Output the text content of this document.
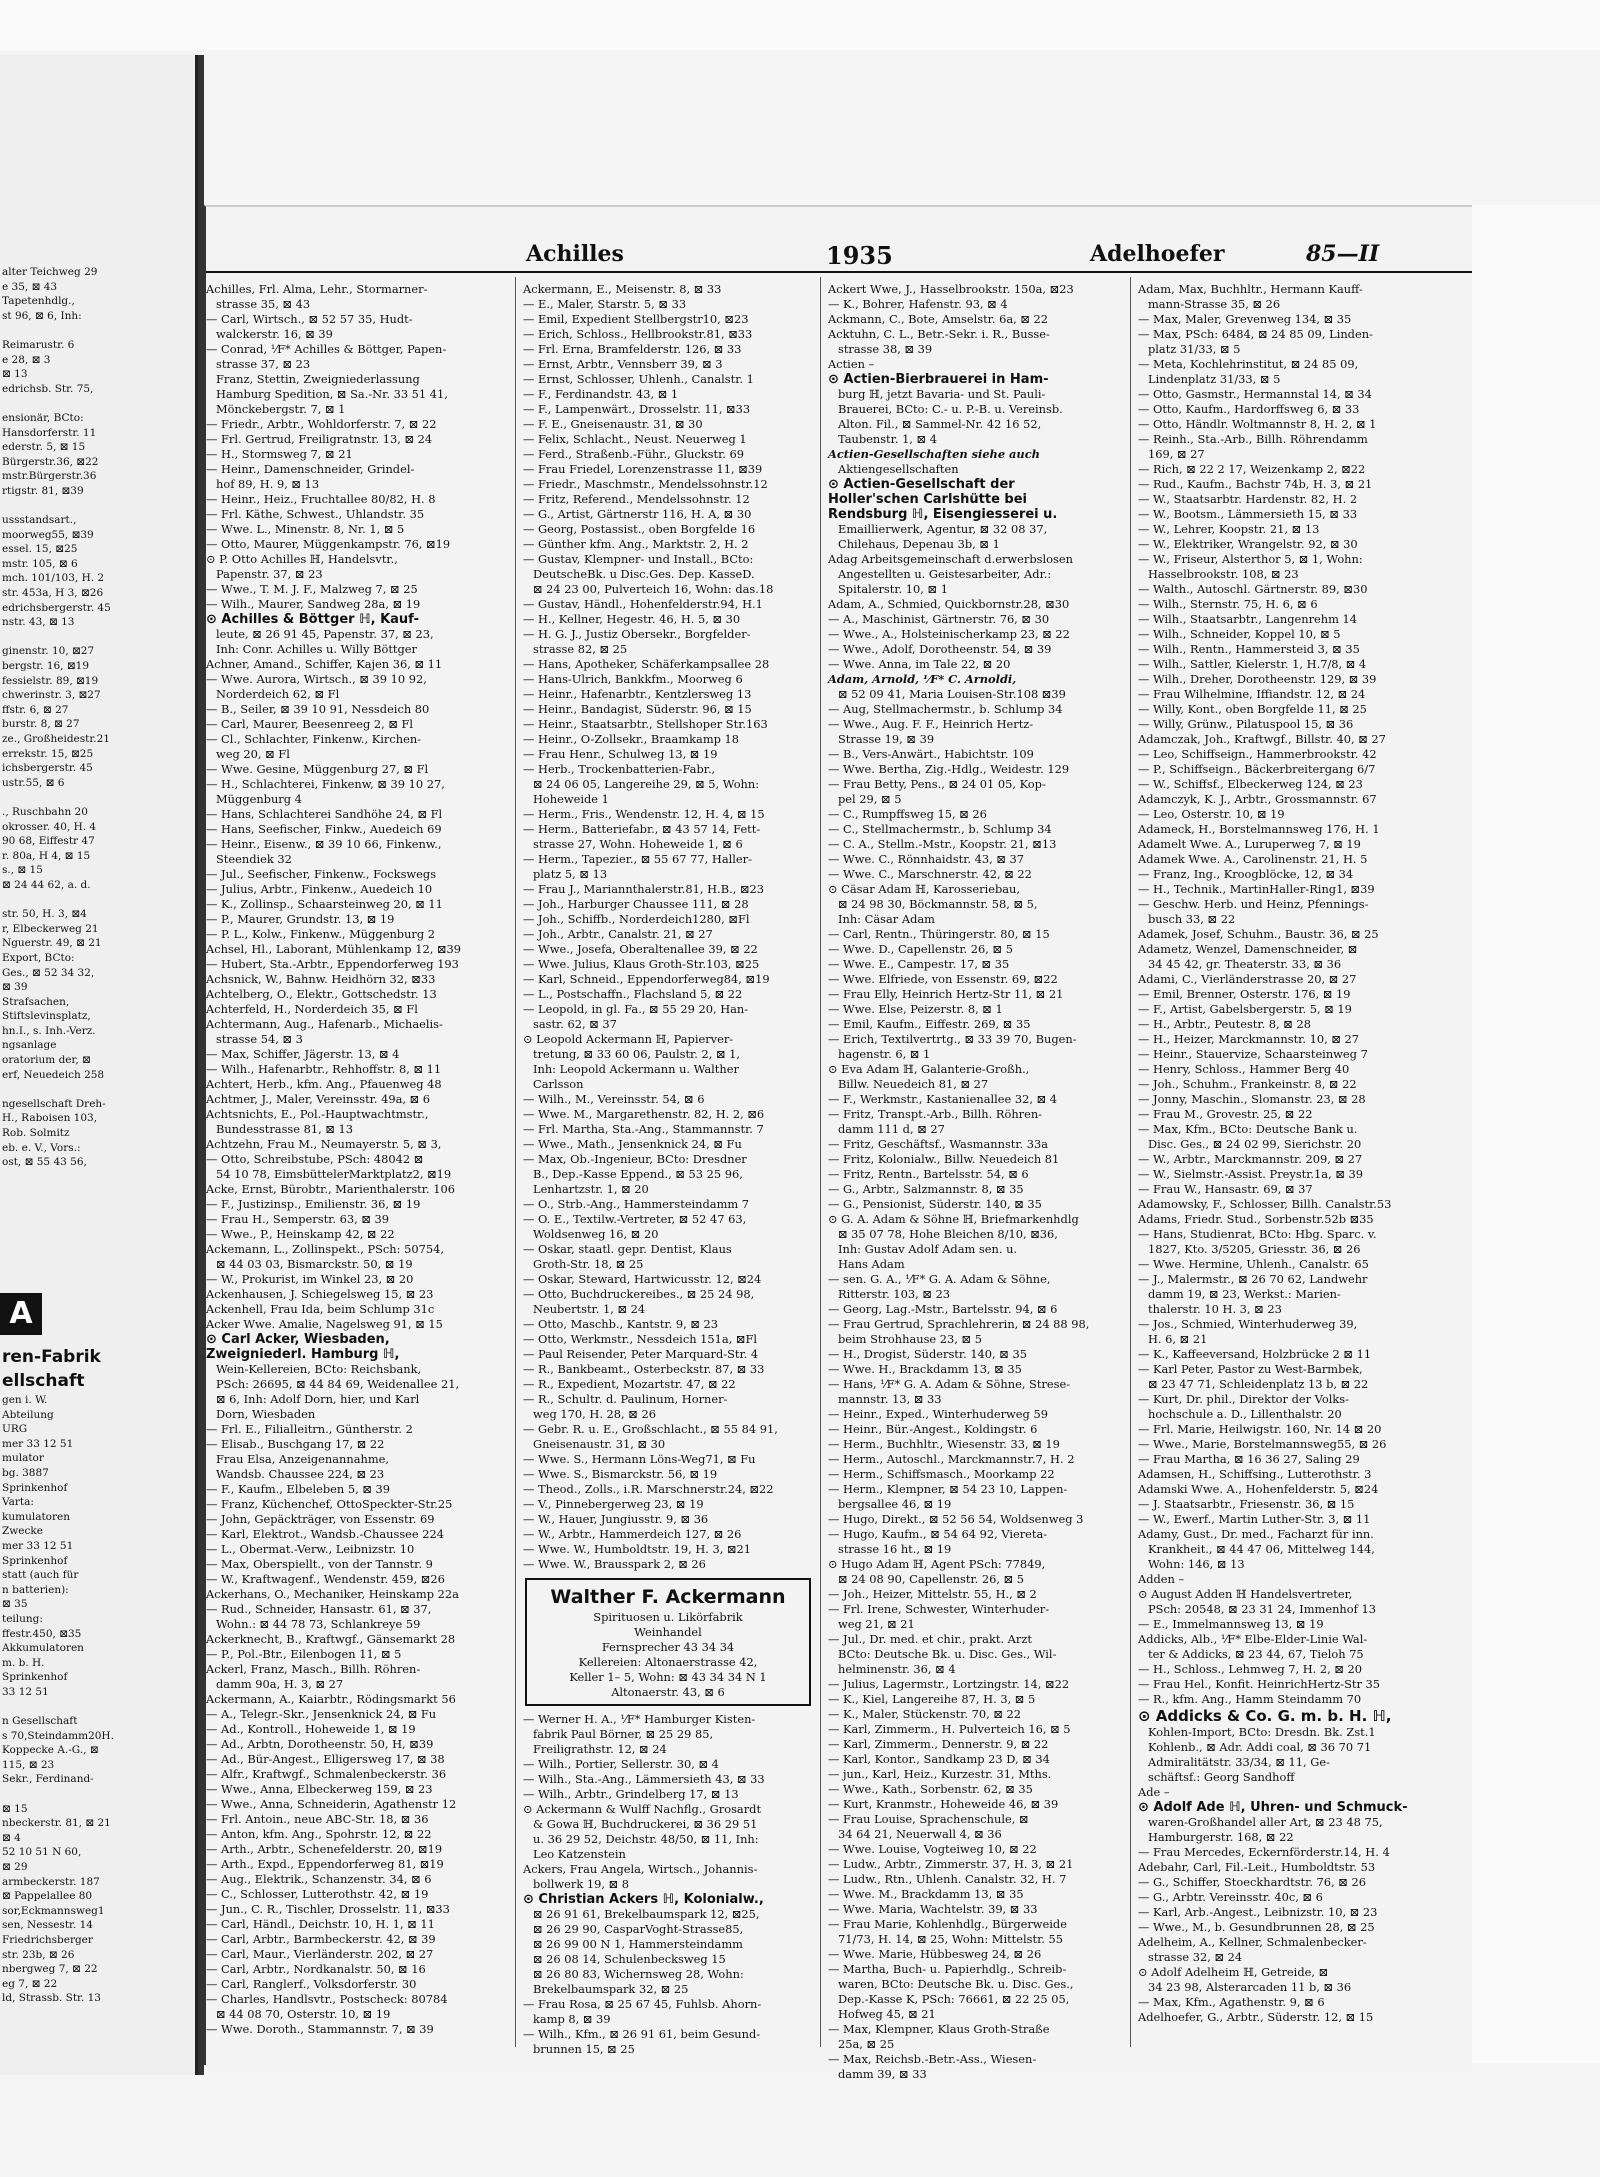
alter Teichweg 29
e 35, ⊠ 43
Tapetenhdlg.,
st 96, ⊠ 6, Inh:

Reimarustr. 6
e 28, ⊠ 3
⊠ 13
edrichsb. Str. 75,

ensionär, BCto:
Hansdorferstr. 11
ederstr. 5, ⊠ 15
Bürgerstr.36, ⊠22
mstr.Bürgerstr.36
rtigstr. 81, ⊠39

ussstandsart.,
moorweg55, ⊠39
essel. 15, ⊠25
mstr. 105, ⊠ 6
mch. 101/103, H. 2
str. 453a, H 3, ⊠26
edrichsbergerstr. 45
nstr. 43, ⊠ 13

ginenstr. 10, ⊠27
bergstr. 16, ⊠19
fessielstr. 89, ⊠19
chwerinstr. 3, ⊠27
ffstr. 6, ⊠ 27
burstr. 8, ⊠ 27
ze., Großheidestr.21
errekstr. 15, ⊠25
ichsbergerstr. 45
ustr.55, ⊠ 6

., Ruschbahn 20
okrosser. 40, H. 4
90 68, Eiffestr 47
r. 80a, H 4, ⊠ 15
s., ⊠ 15
⊠ 24 44 62, a. d.

str. 50, H. 3, ⊠4
r, Elbeckerweg 21
Nguerstr. 49, ⊠ 21
Export, BCto:
Ges., ⊠ 52 34 32,
⊠ 39
Strafsachen,
Stiftslevinsplatz,
hn.I., s. Inh.-Verz.
ngsanlage
oratorium der, ⊠
erf, Neuedeich 258

ngesellschaft Dreh-
H., Raboisen 103,
Rob. Solmitz
eb. e. V., Vors.:
ost, ⊠ 55 43 56,
A
ren-Fabrik
ellschaft
gen i. W.
Abteilung
URG
mer 33 12 51
mulator
bg. 3887
Sprinkenhof
Varta:
kumulatoren
Zwecke
mer 33 12 51
Sprinkenhof
statt (auch für
n batterien):
⊠ 35
teilung:
ffestr.450, ⊠35
Akkumulatoren
m. b. H.
Sprinkenhof
33 12 51

n Gesellschaft
s 70,Steindamm20H.
Koppecke A.-G., ⊠
115, ⊠ 23
Sekr., Ferdinand-

⊠ 15
nbeckerstr. 81, ⊠ 21
⊠ 4
52 10 51 N 60,
⊠ 29
armbeckerstr. 187
⊠ Pappelallee 80
sor,Eckmannsweg1
sen, Nessestr. 14
Friedrichsberger
str. 23b, ⊠ 26
nbergweg 7, ⊠ 22
eg 7, ⊠ 22
ld, Strassb. Str. 13
Achilles	1935	Adelhoefer	85—II
Achilles, Frl. Alma, Lehr., Stormarner-
strasse 35, ⊠ 43
— Carl, Wirtsch., ⊠ 52 57 35, Hudt-
walckerstr. 16, ⊠ 39
— Conrad, ⅟F* Achilles & Böttger, Papen-
strasse 37, ⊠ 23
Franz, Stettin, Zweigniederlassung
Hamburg Spedition, ⊠ Sa.-Nr. 33 51 41,
Mönckebergstr. 7, ⊠ 1
— Friedr., Arbtr., Wohldorferstr. 7, ⊠ 22
— Frl. Gertrud, Freiligratnstr. 13, ⊠ 24
— H., Stormsweg 7, ⊠ 21
— Heinr., Damenschneider, Grindel-
hof 89, H. 9, ⊠ 13
— Heinr., Heiz., Fruchtallee 80/82, H. 8
— Frl. Käthe, Schwest., Uhlandstr. 35
— Wwe. L., Minenstr. 8, Nr. 1, ⊠ 5
— Otto, Maurer, Müggenkampstr. 76, ⊠19
⊙ P. Otto Achilles ℍ, Handelsvtr.,
Papenstr. 37, ⊠ 23
— Wwe., T. M. J. F., Malzweg 7, ⊠ 25
— Wilh., Maurer, Sandweg 28a, ⊠ 19
⊙ Achilles & Böttger ℍ, Kauf-
leute, ⊠ 26 91 45, Papenstr. 37, ⊠ 23,
Inh: Conr. Achilles u. Willy Böttger
Achner, Amand., Schiffer, Kajen 36, ⊠ 11
— Wwe. Aurora, Wirtsch., ⊠ 39 10 92,
Norderdeich 62, ⊠ Fl
— B., Seiler, ⊠ 39 10 91, Nessdeich 80
— Carl, Maurer, Beesenreeg 2, ⊠ Fl
— Cl., Schlachter, Finkenw., Kirchen-
weg 20, ⊠ Fl
— Wwe. Gesine, Müggenburg 27, ⊠ Fl
— H., Schlachterei, Finkenw, ⊠ 39 10 27,
Müggenburg 4
— Hans, Schlachterei Sandhöhe 24, ⊠ Fl
— Hans, Seefischer, Finkw., Auedeich 69
— Heinr., Eisenw., ⊠ 39 10 66, Finkenw.,
Steendiek 32
— Jul., Seefischer, Finkenw., Fockswegs
— Julius, Arbtr., Finkenw., Auedeich 10
— K., Zollinsp., Schaarsteinweg 20, ⊠ 11
— P., Maurer, Grundstr. 13, ⊠ 19
— P. L., Kolw., Finkenw., Müggenburg 2
Achsel, Hl., Laborant, Mühlenkamp 12, ⊠39
— Hubert, Sta.-Arbtr., Eppendorferweg 193
Achsnick, W., Bahnw. Heidhörn 32, ⊠33
Achtelberg, O., Elektr., Gottschedstr. 13
Achterfeld, H., Norderdeich 35, ⊠ Fl
Achtermann, Aug., Hafenarb., Michaelis-
strasse 54, ⊠ 3
— Max, Schiffer, Jägerstr. 13, ⊠ 4
— Wilh., Hafenarbtr., Rehhoffstr. 8, ⊠ 11
Achtert, Herb., kfm. Ang., Pfauenweg 48
Achtmer, J., Maler, Vereinsstr. 49a, ⊠ 6
Achtsnichts, E., Pol.-Hauptwachtmstr.,
Bundesstrasse 81, ⊠ 13
Achtzehn, Frau M., Neumayerstr. 5, ⊠ 3,
— Otto, Schreibstube, PSch: 48042 ⊠
54 10 78, EimsbüttelerMarktplatz2, ⊠19
Acke, Ernst, Bürobtr., Marienthalerstr. 106
— F., Justizinsp., Emilienstr. 36, ⊠ 19
— Frau H., Semperstr. 63, ⊠ 39
— Wwe., P., Heinskamp 42, ⊠ 22
Ackemann, L., Zollinspekt., PSch: 50754,
⊠ 44 03 03, Bismarckstr. 50, ⊠ 19
— W., Prokurist, im Winkel 23, ⊠ 20
Ackenhausen, J. Schiegelsweg 15, ⊠ 23
Ackenhell, Frau Ida, beim Schlump 31c
Acker Wwe. Amalie, Nagelsweg 91, ⊠ 15
⊙ Carl Acker, Wiesbaden,
Zweigniederl. Hamburg ℍ,
Wein-Kellereien, BCto: Reichsbank,
PSch: 26695, ⊠ 44 84 69, Weidenallee 21,
⊠ 6, Inh: Adolf Dorn, hier, und Karl
Dorn, Wiesbaden
— Frl. E., Filialleitrn., Güntherstr. 2
— Elisab., Buschgang 17, ⊠ 22
Frau Elsa, Anzeigenannahme,
Wandsb. Chaussee 224, ⊠ 23
— F., Kaufm., Elbeleben 5, ⊠ 39
— Franz, Küchenchef, OttoSpeckter-Str.25
— John, Gepäckträger, von Essenstr. 69
— Karl, Elektrot., Wandsb.-Chaussee 224
— L., Obermat.-Verw., Leibnizstr. 10
— Max, Oberspiellt., von der Tannstr. 9
— W., Kraftwagenf., Wendenstr. 459, ⊠26
Ackerhans, O., Mechaniker, Heinskamp 22a
— Rud., Schneider, Hansastr. 61, ⊠ 37,
Wohn.: ⊠ 44 78 73, Schlankreye 59
Ackerknecht, B., Kraftwgf., Gänsemarkt 28
— P., Pol.-Btr., Eilenbogen 11, ⊠ 5
Ackerl, Franz, Masch., Billh. Röhren-
damm 90a, H. 3, ⊠ 27
Ackermann, A., Kaiarbtr., Rödingsmarkt 56
— A., Telegr.-Skr., Jensenknick 24, ⊠ Fu
— Ad., Kontroll., Hoheweide 1, ⊠ 19
— Ad., Arbtn, Dorotheenstr. 50, H, ⊠39
— Ad., Bür-Angest., Elligersweg 17, ⊠ 38
— Alfr., Kraftwgf., Schmalenbeckerstr. 36
— Wwe., Anna, Elbeckerweg 159, ⊠ 23
— Wwe., Anna, Schneiderin, Agathenstr 12
— Frl. Antoin., neue ABC-Str. 18, ⊠ 36
— Anton, kfm. Ang., Spohrstr. 12, ⊠ 22
— Arth., Arbtr., Schenefelderstr. 20, ⊠19
— Arth., Expd., Eppendorferweg 81, ⊠19
— Aug., Elektrik., Schanzenstr. 34, ⊠ 6
— C., Schlosser, Lutterothstr. 42, ⊠ 19
— Jun., C. R., Tischler, Drosselstr. 11, ⊠33
— Carl, Händl., Deichstr. 10, H. 1, ⊠ 11
— Carl, Arbtr., Barmbeckerstr. 42, ⊠ 39
— Carl, Maur., Vierländerstr. 202, ⊠ 27
— Carl, Arbtr., Nordkanalstr. 50, ⊠ 16
— Carl, Ranglerf., Volksdorferstr. 30
— Charles, Handlsvtr., Postscheck: 80784
⊠ 44 08 70, Osterstr. 10, ⊠ 19
— Wwe. Doroth., Stammannstr. 7, ⊠ 39
Ackermann, E., Meisenstr. 8, ⊠ 33
— E., Maler, Starstr. 5, ⊠ 33
— Emil, Expedient Stellbergstr10, ⊠23
— Erich, Schloss., Hellbrookstr.81, ⊠33
— Frl. Erna, Bramfelderstr. 126, ⊠ 33
— Ernst, Arbtr., Vennsberr 39, ⊠ 3
— Ernst, Schlosser, Uhlenh., Canalstr. 1
— F., Ferdinandstr. 43, ⊠ 1
— F., Lampenwärt., Drosselstr. 11, ⊠33
— F. E., Gneisenaustr. 31, ⊠ 30
— Felix, Schlacht., Neust. Neuerweg 1
— Ferd., Straßenb.-Führ., Gluckstr. 69
— Frau Friedel, Lorenzenstrasse 11, ⊠39
— Friedr., Maschmstr., Mendelssohnstr.12
— Fritz, Referend., Mendelssohnstr. 12
— G., Artist, Gärtnerstr 116, H. A, ⊠ 30
— Georg, Postassist., oben Borgfelde 16
— Günther kfm. Ang., Marktstr. 2, H. 2
— Gustav, Klempner- und Install., BCto:
DeutscheBk. u Disc.Ges. Dep. KasseD.
⊠ 24 23 00, Pulverteich 16, Wohn: das.18
— Gustav, Händl., Hohenfelderstr.94, H.1
— H., Kellner, Hegestr. 46, H. 5, ⊠ 30
— H. G. J., Justiz Obersekr., Borgfelder-
strasse 82, ⊠ 25
— Hans, Apotheker, Schäferkampsallee 28
— Hans-Ulrich, Bankkfm., Moorweg 6
— Heinr., Hafenarbtr., Kentzlersweg 13
— Heinr., Bandagist, Süderstr. 96, ⊠ 15
— Heinr., Staatsarbtr., Stellshoper Str.163
— Heinr., O-Zollsekr., Braamkamp 18
— Frau Henr., Schulweg 13, ⊠ 19
— Herb., Trockenbatterien-Fabr.,
⊠ 24 06 05, Langereihe 29, ⊠ 5, Wohn:
Hoheweide 1
— Herm., Fris., Wendenstr. 12, H. 4, ⊠ 15
— Herm., Batteriefabr., ⊠ 43 57 14, Fett-
strasse 27, Wohn. Hoheweide 1, ⊠ 6
— Herm., Tapezier., ⊠ 55 67 77, Haller-
platz 5, ⊠ 13
— Frau J., Mariannthalerstr.81, H.B., ⊠23
— Joh., Harburger Chaussee 111, ⊠ 28
— Joh., Schiffb., Norderdeich1280, ⊠Fl
— Joh., Arbtr., Canalstr. 21, ⊠ 27
— Wwe., Josefa, Oberaltenallee 39, ⊠ 22
— Wwe. Julius, Klaus Groth-Str.103, ⊠25
— Karl, Schneid., Eppendorferweg84, ⊠19
— L., Postschaffn., Flachsland 5, ⊠ 22
— Leopold, in gl. Fa., ⊠ 55 29 20, Han-
sastr. 62, ⊠ 37
⊙ Leopold Ackermann ℍ, Papierver-
tretung, ⊠ 33 60 06, Paulstr. 2, ⊠ 1,
Inh: Leopold Ackermann u. Walther
Carlsson
— Wilh., M., Vereinsstr. 54, ⊠ 6
— Wwe. M., Margarethenstr. 82, H. 2, ⊠6
— Frl. Martha, Sta.-Ang., Stammannstr. 7
— Wwe., Math., Jensenknick 24, ⊠ Fu
— Max, Ob.-Ingenieur, BCto: Dresdner
B., Dep.-Kasse Eppend., ⊠ 53 25 96,
Lenhartzstr. 1, ⊠ 20
— O., Strb.-Ang., Hammersteindamm 7
— O. E., Textilw.-Vertreter, ⊠ 52 47 63,
Woldsenweg 16, ⊠ 20
— Oskar, staatl. gepr. Dentist, Klaus
Groth-Str. 18, ⊠ 25
— Oskar, Steward, Hartwicusstr. 12, ⊠24
— Otto, Buchdruckereibes., ⊠ 25 24 98,
Neubertstr. 1, ⊠ 24
— Otto, Maschb., Kantstr. 9, ⊠ 23
— Otto, Werkmstr., Nessdeich 151a, ⊠Fl
— Paul Reisender, Peter Marquard-Str. 4
— R., Bankbeamt., Osterbeckstr. 87, ⊠ 33
— R., Expedient, Mozartstr. 47, ⊠ 22
— R., Schultr. d. Paulinum, Horner-
weg 170, H. 28, ⊠ 26
— Gebr. R. u. E., Großschlacht., ⊠ 55 84 91,
Gneisenaustr. 31, ⊠ 30
— Wwe. S., Hermann Löns-Weg71, ⊠ Fu
— Wwe. S., Bismarckstr. 56, ⊠ 19
— Theod., Zolls., i.R. Marschnerstr.24, ⊠22
— V., Pinnebergerweg 23, ⊠ 19
— W., Hauer, Jungiusstr. 9, ⊠ 36
— W., Arbtr., Hammerdeich 127, ⊠ 26
— Wwe. W., Humboldtstr. 19, H. 3, ⊠21
— Wwe. W., Brausspark 2, ⊠ 26
Walther F. Ackermann
Spirituosen u. Likörfabrik
Weinhandel
Fernsprecher 43 34 34
Kellereien: Altonaerstrasse 42,
Keller 1– 5, Wohn: ⊠ 43 34 34 N 1
Altonaerstr. 43, ⊠ 6
— Werner H. A., ⅟F* Hamburger Kisten-
fabrik Paul Börner, ⊠ 25 29 85,
Freiligrathstr. 12, ⊠ 24
— Wilh., Portier, Sellerstr. 30, ⊠ 4
— Wilh., Sta.-Ang., Lämmersieth 43, ⊠ 33
— Wilh., Arbtr., Grindelberg 17, ⊠ 13
⊙ Ackermann & Wulff Nachflg., Grosardt
& Gowa ℍ, Buchdruckerei, ⊠ 36 29 51
u. 36 29 52, Deichstr. 48/50, ⊠ 11, Inh:
Leo Katzenstein
Ackers, Frau Angela, Wirtsch., Johannis-
bollwerk 19, ⊠ 8
⊙ Christian Ackers ℍ, Kolonialw.,
⊠ 26 91 61, Brekelbaumspark 12, ⊠25,
⊠ 26 29 90, CasparVoght-Strasse85,
⊠ 26 99 00 N 1, Hammersteindamm
⊠ 26 08 14, Schulenbecksweg 15
⊠ 26 80 83, Wichernsweg 28, Wohn:
Brekelbaumspark 32, ⊠ 25
— Frau Rosa, ⊠ 25 67 45, Fuhlsb. Ahorn-
kamp 8, ⊠ 39
— Wilh., Kfm., ⊠ 26 91 61, beim Gesund-
brunnen 15, ⊠ 25
Ackert Wwe, J., Hasselbrookstr. 150a, ⊠23
— K., Bohrer, Hafenstr. 93, ⊠ 4
Ackmann, C., Bote, Amselstr. 6a, ⊠ 22
Acktuhn, C. L., Betr.-Sekr. i. R., Busse-
strasse 38, ⊠ 39
Actien –
⊙ Actien-Bierbrauerei in Ham-
burg ℍ, jetzt Bavaria- und St. Pauli-
Brauerei, BCto: C.- u. P.-B. u. Vereinsb.
Alton. Fil., ⊠ Sammel-Nr. 42 16 52,
Taubenstr. 1, ⊠ 4
Actien-Gesellschaften siehe auch
Aktiengesellschaften
⊙ Actien-Gesellschaft der
Holler'schen Carlshütte bei
Rendsburg ℍ, Eisengiesserei u.
Emaillierwerk, Agentur, ⊠ 32 08 37,
Chilehaus, Depenau 3b, ⊠ 1
Adag Arbeitsgemeinschaft d.erwerbslosen
Angestellten u. Geistesarbeiter, Adr.:
Spitalerstr. 10, ⊠ 1
Adam, A., Schmied, Quickbornstr.28, ⊠30
— A., Maschinist, Gärtnerstr. 76, ⊠ 30
— Wwe., A., Holsteinischerkamp 23, ⊠ 22
— Wwe., Adolf, Dorotheenstr. 54, ⊠ 39
— Wwe. Anna, im Tale 22, ⊠ 20
Adam, Arnold, ⅟F* C. Arnoldi,
⊠ 52 09 41, Maria Louisen-Str.108 ⊠39
— Aug, Stellmachermstr., b. Schlump 34
— Wwe., Aug. F. F., Heinrich Hertz-
Strasse 19, ⊠ 39
— B., Vers-Anwärt., Habichtstr. 109
— Wwe. Bertha, Zig.-Hdlg., Weidestr. 129
— Frau Betty, Pens., ⊠ 24 01 05, Kop-
pel 29, ⊠ 5
— C., Rumpffsweg 15, ⊠ 26
— C., Stellmachermstr., b. Schlump 34
— C. A., Stellm.-Mstr., Koopstr. 21, ⊠13
— Wwe. C., Rönnhaidstr. 43, ⊠ 37
— Wwe. C., Marschnerstr. 42, ⊠ 22
⊙ Cäsar Adam ℍ, Karosseriebau,
⊠ 24 98 30, Böckmannstr. 58, ⊠ 5,
Inh: Cäsar Adam
— Carl, Rentn., Thüringerstr. 80, ⊠ 15
— Wwe. D., Capellenstr. 26, ⊠ 5
— Wwe. E., Campestr. 17, ⊠ 35
— Wwe. Elfriede, von Essenstr. 69, ⊠22
— Frau Elly, Heinrich Hertz-Str 11, ⊠ 21
— Wwe. Else, Peizerstr. 8, ⊠ 1
— Emil, Kaufm., Eiffestr. 269, ⊠ 35
— Erich, Textilvertrtg., ⊠ 33 39 70, Bugen-
hagenstr. 6, ⊠ 1
⊙ Eva Adam ℍ, Galanterie-Großh.,
Billw. Neuedeich 81, ⊠ 27
— F., Werkmstr., Kastanienallee 32, ⊠ 4
— Fritz, Transpt.-Arb., Billh. Röhren-
damm 111 d, ⊠ 27
— Fritz, Geschäftsf., Wasmannstr. 33a
— Fritz, Kolonialw., Billw. Neuedeich 81
— Fritz, Rentn., Bartelsstr. 54, ⊠ 6
— G., Arbtr., Salzmannstr. 8, ⊠ 35
— G., Pensionist, Süderstr. 140, ⊠ 35
⊙ G. A. Adam & Söhne ℍ, Briefmarkenhdlg
⊠ 35 07 78, Hohe Bleichen 8/10, ⊠36,
Inh: Gustav Adolf Adam sen. u.
Hans Adam
— sen. G. A., ⅟F* G. A. Adam & Söhne,
Ritterstr. 103, ⊠ 23
— Georg, Lag.-Mstr., Bartelsstr. 94, ⊠ 6
— Frau Gertrud, Sprachlehrerin, ⊠ 24 88 98,
beim Strohhause 23, ⊠ 5
— H., Drogist, Süderstr. 140, ⊠ 35
— Wwe. H., Brackdamm 13, ⊠ 35
— Hans, ⅟F* G. A. Adam & Söhne, Strese-
mannstr. 13, ⊠ 33
— Heinr., Exped., Winterhuderweg 59
— Heinr., Bür.-Angest., Koldingstr. 6
— Herm., Buchhltr., Wiesenstr. 33, ⊠ 19
— Herm., Autoschl., Marckmannstr.7, H. 2
— Herm., Schiffsmasch., Moorkamp 22
— Herm., Klempner, ⊠ 54 23 10, Lappen-
bergsallee 46, ⊠ 19
— Hugo, Direkt., ⊠ 52 56 54, Woldsenweg 3
— Hugo, Kaufm., ⊠ 54 64 92, Viereta-
strasse 16 ht., ⊠ 19
⊙ Hugo Adam ℍ, Agent PSch: 77849,
⊠ 24 08 90, Capellenstr. 26, ⊠ 5
— Joh., Heizer, Mittelstr. 55, H., ⊠ 2
— Frl. Irene, Schwester, Winterhuder-
weg 21, ⊠ 21
— Jul., Dr. med. et chir., prakt. Arzt
BCto: Deutsche Bk. u. Disc. Ges., Wil-
helminenstr. 36, ⊠ 4
— Julius, Lagermstr., Lortzingstr. 14, ⊠22
— K., Kiel, Langereihe 87, H. 3, ⊠ 5
— K., Maler, Stückenstr. 70, ⊠ 22
— Karl, Zimmerm., H. Pulverteich 16, ⊠ 5
— Karl, Zimmerm., Dennerstr. 9, ⊠ 22
— Karl, Kontor., Sandkamp 23 D, ⊠ 34
— jun., Karl, Heiz., Kurzestr. 31, Mths.
— Wwe., Kath., Sorbenstr. 62, ⊠ 35
— Kurt, Kranmstr., Hoheweide 46, ⊠ 39
— Frau Louise, Sprachenschule, ⊠
34 64 21, Neuerwall 4, ⊠ 36
— Wwe. Louise, Vogteiweg 10, ⊠ 22
— Ludw., Arbtr., Zimmerstr. 37, H. 3, ⊠ 21
— Ludw., Rtn., Uhlenh. Canalstr. 32, H. 7
— Wwe. M., Brackdamm 13, ⊠ 35
— Wwe. Maria, Wachtelstr. 39, ⊠ 33
— Frau Marie, Kohlenhdlg., Bürgerweide
71/73, H. 14, ⊠ 25, Wohn: Mittelstr. 55
— Wwe. Marie, Hübbesweg 24, ⊠ 26
— Martha, Buch- u. Papierhdlg., Schreib-
waren, BCto: Deutsche Bk. u. Disc. Ges.,
Dep.-Kasse K, PSch: 76661, ⊠ 22 25 05,
Hofweg 45, ⊠ 21
— Max, Klempner, Klaus Groth-Straße
25a, ⊠ 25
— Max, Reichsb.-Betr.-Ass., Wiesen-
damm 39, ⊠ 33
Adam, Max, Buchhltr., Hermann Kauff-
mann-Strasse 35, ⊠ 26
— Max, Maler, Grevenweg 134, ⊠ 35
— Max, PSch: 6484, ⊠ 24 85 09, Linden-
platz 31/33, ⊠ 5
— Meta, Kochlehrinstitut, ⊠ 24 85 09,
Lindenplatz 31/33, ⊠ 5
— Otto, Gasmstr., Hermannstal 14, ⊠ 34
— Otto, Kaufm., Hardorffsweg 6, ⊠ 33
— Otto, Händlr. Woltmannstr 8, H. 2, ⊠ 1
— Reinh., Sta.-Arb., Billh. Röhrendamm
169, ⊠ 27
— Rich, ⊠ 22 2 17, Weizenkamp 2, ⊠22
— Rud., Kaufm., Bachstr 74b, H. 3, ⊠ 21
— W., Staatsarbtr. Hardenstr. 82, H. 2
— W., Bootsm., Lämmersieth 15, ⊠ 33
— W., Lehrer, Koopstr. 21, ⊠ 13
— W., Elektriker, Wrangelstr. 92, ⊠ 30
— W., Friseur, Alsterthor 5, ⊠ 1, Wohn:
Hasselbrookstr. 108, ⊠ 23
— Walth., Autoschl. Gärtnerstr. 89, ⊠30
— Wilh., Sternstr. 75, H. 6, ⊠ 6
— Wilh., Staatsarbtr., Langenrehm 14
— Wilh., Schneider, Koppel 10, ⊠ 5
— Wilh., Rentn., Hammersteid 3, ⊠ 35
— Wilh., Sattler, Kielerstr. 1, H.7/8, ⊠ 4
— Wilh., Dreher, Dorotheenstr. 129, ⊠ 39
— Frau Wilhelmine, Iffiandstr. 12, ⊠ 24
— Willy, Kont., oben Borgfelde 11, ⊠ 25
— Willy, Grünw., Pilatuspool 15, ⊠ 36
Adamczak, Joh., Kraftwgf., Billstr. 40, ⊠ 27
— Leo, Schiffseign., Hammerbrookstr. 42
— P., Schiffseign., Bäckerbreitergang 6/7
— W., Schiffsf., Elbeckerweg 124, ⊠ 23
Adamczyk, K. J., Arbtr., Grossmannstr. 67
— Leo, Osterstr. 10, ⊠ 19
Adameck, H., Borstelmannsweg 176, H. 1
Adamelt Wwe. A., Luruperweg 7, ⊠ 19
Adamek Wwe. A., Carolinenstr. 21, H. 5
— Franz, Ing., Kroogblöcke, 12, ⊠ 34
— H., Technik., MartinHaller-Ring1, ⊠39
— Geschw. Herb. und Heinz, Pfennings-
busch 33, ⊠ 22
Adamek, Josef, Schuhm., Baustr. 36, ⊠ 25
Adametz, Wenzel, Damenschneider, ⊠
34 45 42, gr. Theaterstr. 33, ⊠ 36
Adami, C., Vierländerstrasse 20, ⊠ 27
— Emil, Brenner, Osterstr. 176, ⊠ 19
— F., Artist, Gabelsbergerstr. 5, ⊠ 19
— H., Arbtr., Peutestr. 8, ⊠ 28
— H., Heizer, Marckmannstr. 10, ⊠ 27
— Heinr., Stauervize, Schaarsteinweg 7
— Henry, Schloss., Hammer Berg 40
— Joh., Schuhm., Frankeinstr. 8, ⊠ 22
— Jonny, Maschin., Slomanstr. 23, ⊠ 28
— Frau M., Grovestr. 25, ⊠ 22
— Max, Kfm., BCto: Deutsche Bank u.
Disc. Ges., ⊠ 24 02 99, Sierichstr. 20
— W., Arbtr., Marckmannstr. 209, ⊠ 27
— W., Sielmstr.-Assist. Preystr.1a, ⊠ 39
— Frau W., Hansastr. 69, ⊠ 37
Adamowsky, F., Schlosser, Billh. Canalstr.53
Adams, Friedr. Stud., Sorbenstr.52b ⊠35
— Hans, Studienrat, BCto: Hbg. Sparc. v.
1827, Kto. 3/5205, Griesstr. 36, ⊠ 26
— Wwe. Hermine, Uhlenh., Canalstr. 65
— J., Malermstr., ⊠ 26 70 62, Landwehr
damm 19, ⊠ 23, Werkst.: Marien-
thalerstr. 10 H. 3, ⊠ 23
— Jos., Schmied, Winterhuderweg 39,
H. 6, ⊠ 21
— K., Kaffeeversand, Holzbrücke 2 ⊠ 11
— Karl Peter, Pastor zu West-Barmbek,
⊠ 23 47 71, Schleidenplatz 13 b, ⊠ 22
— Kurt, Dr. phil., Direktor der Volks-
hochschule a. D., Lillenthalstr. 20
— Frl. Marie, Heilwigstr. 160, Nr. 14 ⊠ 20
— Wwe., Marie, Borstelmannsweg55, ⊠ 26
— Frau Martha, ⊠ 16 36 27, Saling 29
Adamsen, H., Schiffsing., Lutterothstr. 3
Adamski Wwe. A., Hohenfelderstr. 5, ⊠24
— J. Staatsarbtr., Friesenstr. 36, ⊠ 15
— W., Ewerf., Martin Luther-Str. 3, ⊠ 11
Adamy, Gust., Dr. med., Facharzt für inn.
Krankheit., ⊠ 44 47 06, Mittelweg 144,
Wohn: 146, ⊠ 13
Adden –
⊙ August Adden ℍ Handelsvertreter,
PSch: 20548, ⊠ 23 31 24, Immenhof 13
— E., Immelmannsweg 13, ⊠ 19
Addicks, Alb., ⅟F* Elbe-Elder-Linie Wal-
ter & Addicks, ⊠ 23 44, 67, Tieloh 75
— H., Schloss., Lehmweg 7, H. 2, ⊠ 20
— Frau Hel., Konfit. HeinrichHertz-Str 35
— R., kfm. Ang., Hamm Steindamm 70
⊙ Addicks & Co. G. m. b. H. ℍ,
Kohlen-Import, BCto: Dresdn. Bk. Zst.1
Kohlenb., ⊠ Adr. Addi coal, ⊠ 36 70 71
Admiralitätstr. 33/34, ⊠ 11, Ge-
schäftsf.: Georg Sandhoff
Ade –
⊙ Adolf Ade ℍ, Uhren- und Schmuck-
waren-Großhandel aller Art, ⊠ 23 48 75,
Hamburgerstr. 168, ⊠ 22
— Frau Mercedes, Eckernförderstr.14, H. 4
Adebahr, Carl, Fil.-Leit., Humboldtstr. 53
— G., Schiffer, Stoeckhardtstr. 76, ⊠ 26
— G., Arbtr. Vereinsstr. 40c, ⊠ 6
— Karl, Arb.-Angest., Leibnizstr. 10, ⊠ 23
— Wwe., M., b. Gesundbrunnen 28, ⊠ 25
Adelheim, A., Kellner, Schmalenbecker-
strasse 32, ⊠ 24
⊙ Adolf Adelheim ℍ, Getreide, ⊠
34 23 98, Alsterarcaden 11 b, ⊠ 36
— Max, Kfm., Agathenstr. 9, ⊠ 6
Adelhoefer, G., Arbtr., Süderstr. 12, ⊠ 15
